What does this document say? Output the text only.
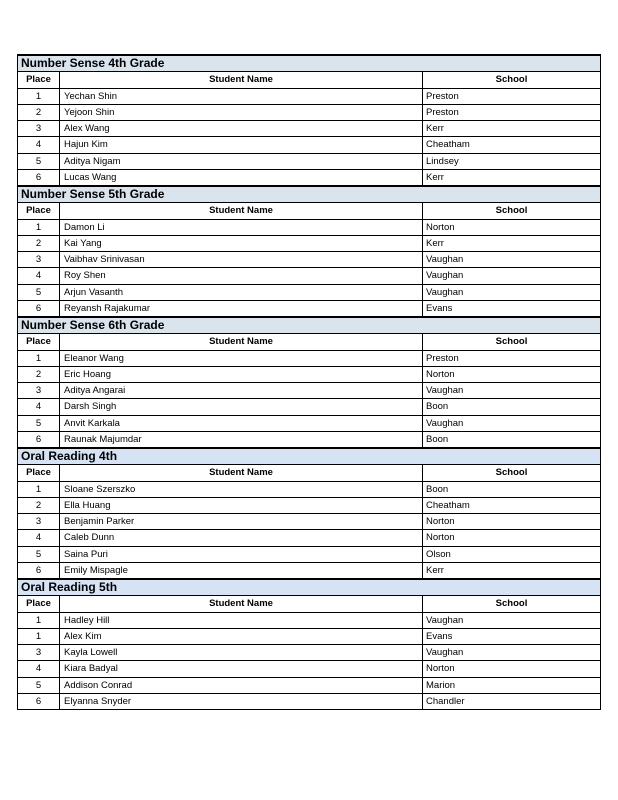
Number Sense 4th Grade		
Place	Student Name	School
1	Yechan Shin	Preston
2	Yejoon Shin	Preston
3	Alex Wang	Kerr
4	Hajun Kim	Cheatham
5	Aditya Nigam	Lindsey
6	Lucas Wang	Kerr
Number Sense 5th Grade		
Place	Student Name	School
1	Damon Li	Norton
2	Kai Yang	Kerr
3	Vaibhav Srinivasan	Vaughan
4	Roy Shen	Vaughan
5	Arjun Vasanth	Vaughan
6	Reyansh Rajakumar	Evans
Number Sense 6th Grade		
Place	Student Name	School
1	Eleanor Wang	Preston
2	Eric Hoang	Norton
3	Aditya Angarai	Vaughan
4	Darsh Singh	Boon
5	Anvit Karkala	Vaughan
6	Raunak Majumdar	Boon
Oral Reading 4th		
Place	Student Name	School
1	Sloane Szerszko	Boon
2	Ella Huang	Cheatham
3	Benjamin Parker	Norton
4	Caleb Dunn	Norton
5	Saina Puri	Olson
6	Emily Mispagle	Kerr
Oral Reading 5th		
Place	Student Name	School
1	Hadley Hill	Vaughan
1	Alex Kim	Evans
3	Kayla Lowell	Vaughan
4	Kiara Badyal	Norton
5	Addison Conrad	Marion
6	Elyanna Snyder	Chandler
